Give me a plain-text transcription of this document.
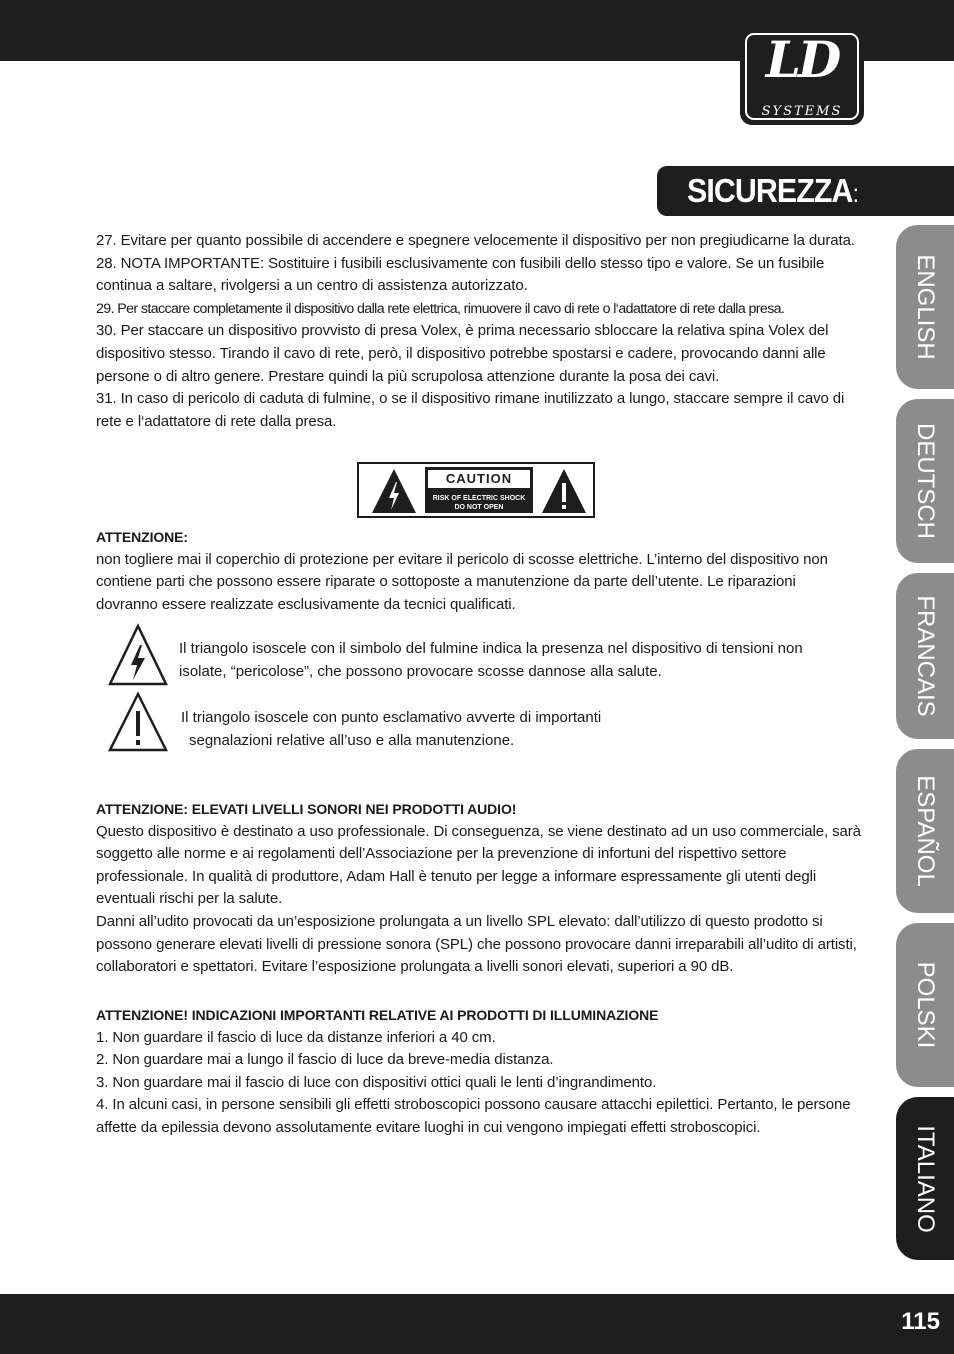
LD
SYSTEMS
SICUREZZA:
ENGLISH
DEUTSCH
FRANCAIS
ESPAÑOL
POLSKI
ITALIANO

27. Evitare per quanto possibile di accendere e spegnere velocemente il dispositivo per non pregiudicarne la durata.

28. NOTA IMPORTANTE: Sostituire i fusibili esclusivamente con fusibili dello stesso tipo e valore. Se un fusibile continua a saltare, rivolgersi a un centro di assistenza autorizzato.

29. Per staccare completamente il dispositivo dalla rete elettrica, rimuovere il cavo di rete o l‘adattatore di rete dalla presa.

30. Per staccare un dispositivo provvisto di presa Volex, è prima necessario sbloccare la relativa spina Volex del dispositivo stesso. Tirando il cavo di rete, però, il dispositivo potrebbe spostarsi e cadere, provocando danni alle persone o di altro genere. Prestare quindi la più scrupolosa attenzione durante la posa dei cavi.

31. In caso di pericolo di caduta di fulmine, o se il dispositivo rimane inutilizzato a lungo, staccare sempre il cavo di rete e l‘adattatore di rete dalla presa.

CAUTION
RISK OF ELECTRIC SHOCK
DO NOT OPEN

ATTENZIONE:

non togliere mai il coperchio di protezione per evitare il pericolo di scosse elettriche. L’interno del dispositivo non contiene parti che possono essere riparate o sottoposte a manutenzione da parte dell’utente. Le riparazioni dovranno essere realizzate esclusivamente da tecnici qualificati.

Il triangolo isoscele con il simbolo del fulmine indica la presenza nel dispositivo di tensioni non
isolate, “pericolose”, che possono provocare scosse dannose alla salute.
Il triangolo isoscele con punto esclamativo avverte di importanti
segnalazioni relative all’uso e alla manutenzione.

ATTENZIONE: ELEVATI LIVELLI SONORI NEI PRODOTTI AUDIO!

Questo dispositivo è destinato a uso professionale. Di conseguenza, se viene destinato ad un uso commerciale, sarà soggetto alle norme e ai regolamenti dell’Associazione per la prevenzione di infortuni del rispettivo settore professionale. In qualità di produttore, Adam Hall è tenuto per legge a informare espressamente gli utenti degli eventuali rischi per la salute.

Danni all’udito provocati da un’esposizione prolungata a un livello SPL elevato: dall’utilizzo di questo prodotto si possono generare elevati livelli di pressione sonora (SPL) che possono provocare danni irreparabili all’udito di artisti, collaboratori e spettatori. Evitare l’esposizione prolungata a livelli sonori elevati, superiori a 90 dB.

ATTENZIONE! INDICAZIONI IMPORTANTI RELATIVE AI PRODOTTI DI ILLUMINAZIONE

1. Non guardare il fascio di luce da distanze inferiori a 40 cm.

2. Non guardare mai a lungo il fascio di luce da breve-media distanza.

3. Non guardare mai il fascio di luce con dispositivi ottici quali le lenti d’ingrandimento.

4. In alcuni casi, in persone sensibili gli effetti stroboscopici possono causare attacchi epilettici. Pertanto, le persone affette da epilessia devono assolutamente evitare luoghi in cui vengono impiegati effetti stroboscopici.

115
